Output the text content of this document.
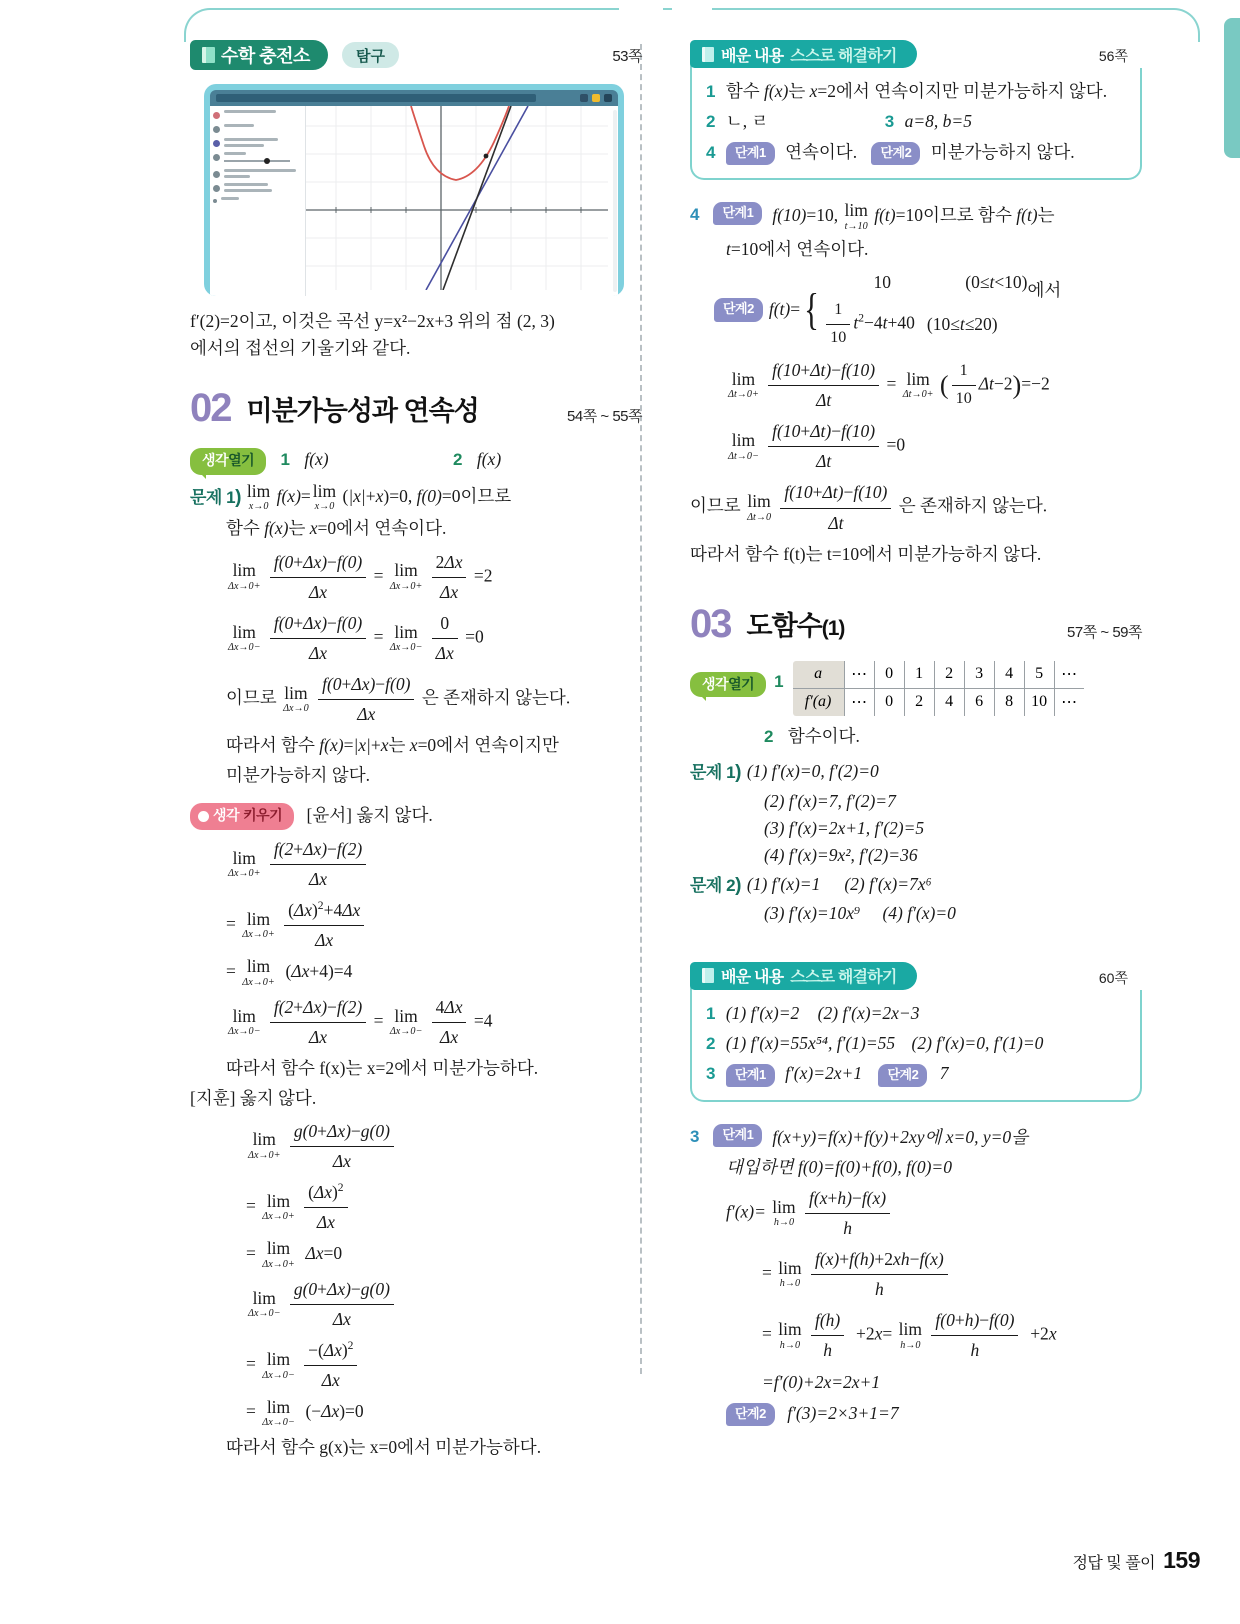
수학 충전소	탐구	53쪽
f′(2)=2이고, 이것은 곡선 y=x²−2x+3 위의 점 (2, 3)
에서의 접선의 기울기와 같다.
02 미분가능성과 연속성	54쪽 ~ 55쪽
생각열기 1 f(x)	2 f(x)
문제 1) lim
x→0
f(x)= lim
x→0
(|x|+x)=0, f(0)=0이므로
함수 f(x)는 x=0에서 연속이다.
lim
Δx→0+
$\frac{f(0+\Delta x)-f(0)}{\Delta x} = \lim$
Δx→0+
$\frac{2\Delta x}{\Delta x} =2$
lim
Δx→0−
$\frac{f(0+\Delta x)-f(0)}{\Delta x} = \lim$
Δx→0−
$\frac{0}{\Delta x} =0$
이므로 lim
Δx→0
$\frac{f(0+\Delta x)-f(0)}{\Delta x}$ 은 존재하지 않는다.
따라서 함수 f(x)=|x|+x는 x=0에서 연속이지만
미분가능하지 않다.
생각 키우기 [윤서] 옳지 않다.
lim
Δx→0+
$\frac{f(2+\Delta x)-f(2)}{\Delta x}$
= lim
Δx→0+
$\frac{(\Delta x)^2+4\Delta x}{\Delta x}$
= lim
Δx→0+
(Δx+4)=4
lim
Δx→0−
$\frac{f(2+\Delta x)-f(2)}{\Delta x} = \lim$
Δx→0−
$\frac{4\Delta x}{\Delta x} =4$
따라서 함수 f(x)는 x=2에서 미분가능하다.
[지훈] 옳지 않다.
lim
Δx→0+
$\frac{g(0+\Delta x)-g(0)}{\Delta x}$
= lim
Δx→0+
$\frac{(\Delta x)^2}{\Delta x}$
= lim
Δx→0+
Δx=0
lim
Δx→0−
$\frac{g(0+\Delta x)-g(0)}{\Delta x}$
= lim
Δx→0−
$\frac{-(\Delta x)^2}{\Delta x}$
= lim
Δx→0−
(−Δx)=0
따라서 함수 g(x)는 x=0에서 미분가능하다.
배운 내용 스스로 해결하기	56쪽
1 함수 f(x)는 x=2에서 연속이지만 미분가능하지 않다.
2 ㄴ, ㄹ	3 a=8, b=5
4 단계1 연속이다. 단계2 미분가능하지 않다.
4	단계1	f(10)=10, lim
t→10
f(t)=10이므로 함수 f(t)는
t=10에서 연속이다.
단계2 f(t)= {
10	(0≤t<10)
$\frac{1}{10} t^2-4t+40$ (10≤t≤20)
에서
lim
Δt→0+
$\frac{f(10+\Delta t)-f(10)}{\Delta t} = \lim$
Δt→0+ ( $\frac{1}{10} \Delta t-2)=-2$
lim
Δt→0−
$\frac{f(10+\Delta t)-f(10)}{\Delta t} =0$
이므로 lim
Δt→0
$\frac{f(10+\Delta t)-f(10)}{\Delta t}$ 은 존재하지 않는다.
따라서 함수 f(t)는 t=10에서 미분가능하지 않다.
03 도함수(1)	57쪽 ~ 59쪽
생각열기	1 a	⋯	0	1	2	3	4	5	⋯
f′(a)	⋯	0	2	4	6	8	10	⋯
2 함수이다.
문제 1) (1) f′(x)=0, f′(2)=0
(2) f′(x)=7, f′(2)=7
(3) f′(x)=2x+1, f′(2)=5
(4) f′(x)=9x², f′(2)=36
문제 2) (1) f′(x)=1 (2) f′(x)=7x⁶
(3) f′(x)=10x⁹ (4) f′(x)=0
배운 내용 스스로 해결하기	60쪽
1 (1) f′(x)=2 (2) f′(x)=2x−3
2 (1) f′(x)=55x⁵⁴, f′(1)=55 (2) f′(x)=0, f′(1)=0
3 단계1 f′(x)=2x+1 단계2 7
3	단계1	f(x+y)=f(x)+f(y)+2xy에 x=0, y=0을
대입하면 f(0)=f(0)+f(0), f(0)=0
f′(x)= lim
h→0
$\frac{f(x+h)-f(x)}{h}$
= lim
h→0
$\frac{f(x)+f(h)+2xh-f(x)}{h}$
= lim
h→0
$\frac{f(h)}{h} +2x= \lim$
h→0
$\frac{f(0+h)-f(0)}{h} +2x$
=f′(0)+2x=2x+1
단계2 f′(3)=2×3+1=7
정답 및 풀이 159
